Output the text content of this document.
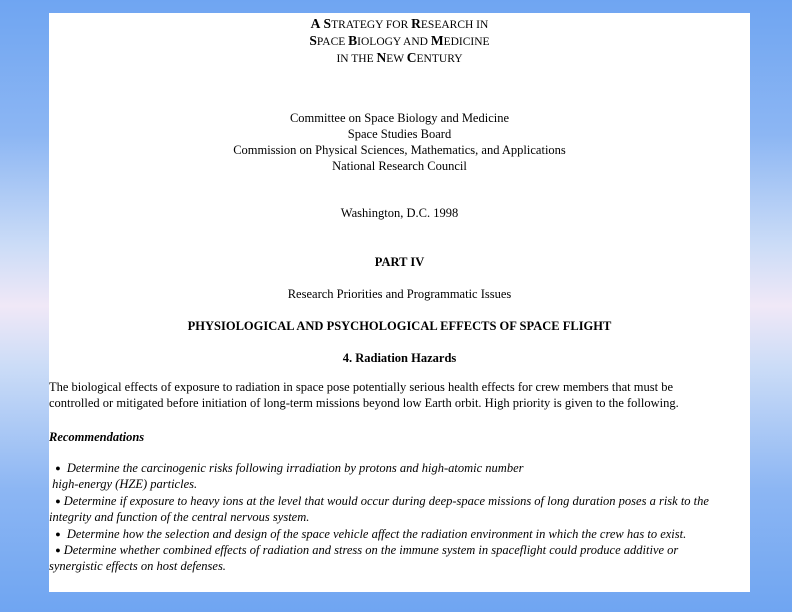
A STRATEGY FOR RESEARCH IN
SPACE BIOLOGY AND MEDICINE
IN THE NEW CENTURY
Committee on Space Biology and Medicine
Space Studies Board
Commission on Physical Sciences, Mathematics, and Applications
National Research Council
Washington, D.C. 1998
PART IV
Research Priorities and Programmatic Issues
PHYSIOLOGICAL AND PSYCHOLOGICAL EFFECTS OF SPACE FLIGHT
4. Radiation Hazards
The biological effects of exposure to radiation in space pose potentially serious health effects for crew members that must be
controlled or mitigated before initiation of long-term missions beyond low Earth orbit. High priority is given to the following.
Recommendations
● Determine the carcinogenic risks following irradiation by protons and high-atomic number
high-energy (HZE) particles.
● Determine if exposure to heavy ions at the level that would occur during deep-space missions of long duration poses a risk to the
integrity and function of the central nervous system.
● Determine how the selection and design of the space vehicle affect the radiation environment in which the crew has to exist.
● Determine whether combined effects of radiation and stress on the immune system in spaceflight could produce additive or
synergistic effects on host defenses.
